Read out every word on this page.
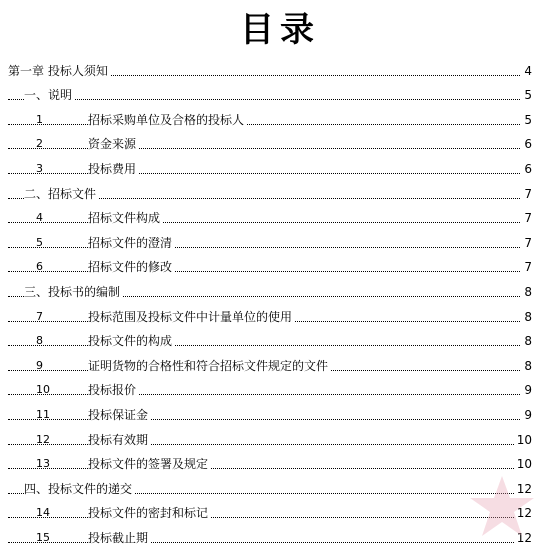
目录
第一章 投标人须知	4
一、说明	5
1	招标采购单位及合格的投标人	5
2	资金来源	6
3	投标费用	6
二、招标文件	7
4	招标文件构成	7
5	招标文件的澄清	7
6	招标文件的修改	7
三、投标书的编制	8
7	投标范围及投标文件中计量单位的使用	8
8	投标文件的构成	8
9	证明货物的合格性和符合招标文件规定的文件	8
10	投标报价	9
11	投标保证金	9
12	投标有效期	10
13	投标文件的签署及规定	10
四、投标文件的递交	12
14	投标文件的密封和标记	12
15	投标截止期	12
